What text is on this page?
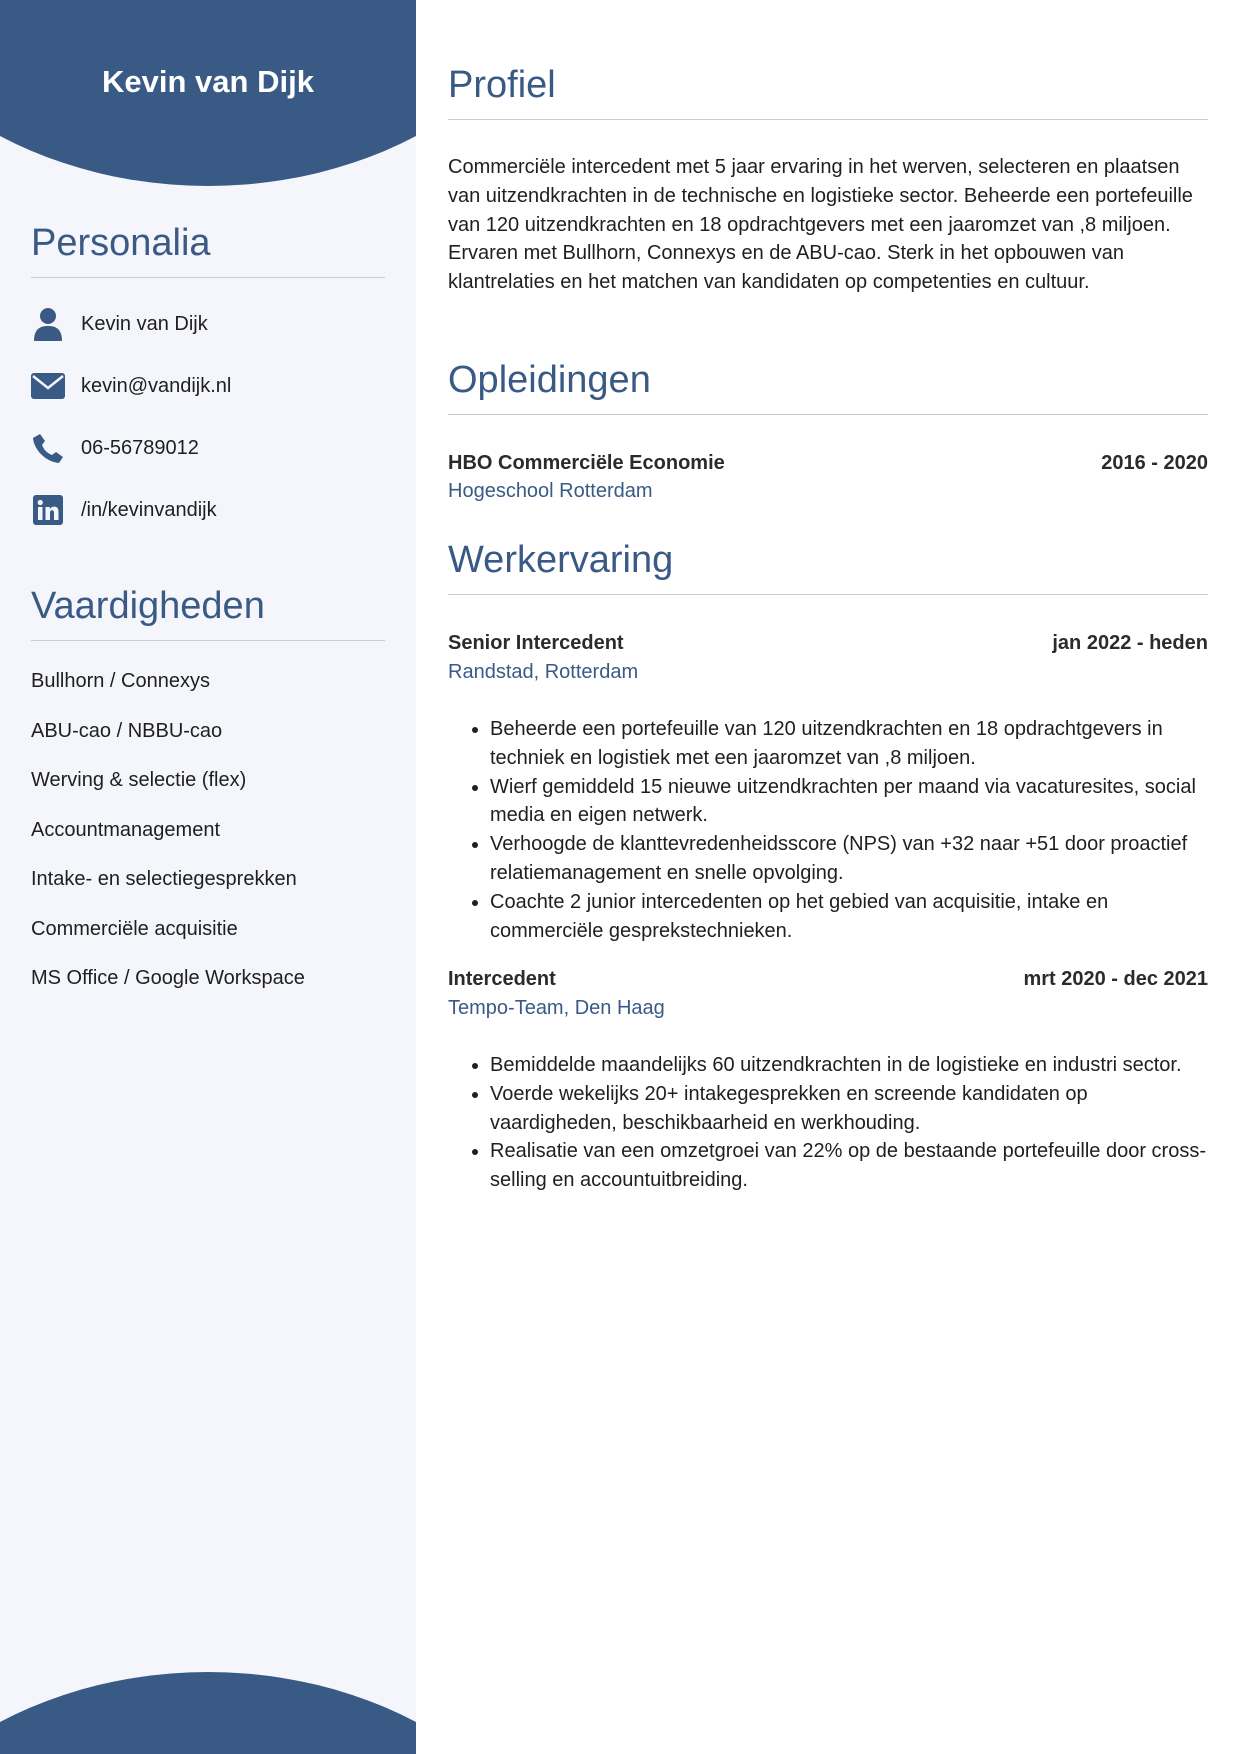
Kevin van Dijk
Personalia
Kevin van Dijk
kevin@vandijk.nl
06-56789012
/in/kevinvandijk
Vaardigheden
Bullhorn / Connexys
ABU-cao / NBBU-cao
Werving & selectie (flex)
Accountmanagement
Intake- en selectiegesprekken
Commerciële acquisitie
MS Office / Google Workspace
Profiel

Commerciële intercedent met 5 jaar ervaring in het werven, selecteren en plaatsen van uitzendkrachten in de technische en logistieke sector. Beheerde een portefeuille van 120 uitzendkrachten en 18 opdrachtgevers met een jaaromzet van ,8 miljoen. Ervaren met Bullhorn, Connexys en de ABU-cao. Sterk in het opbouwen van klantrelaties en het matchen van kandidaten op competenties en cultuur.

Opleidingen
HBO Commerciële Economie	2016 - 2020
Hogeschool Rotterdam
Werkervaring
Senior Intercedent	jan 2022 - heden
Randstad, Rotterdam
• Beheerde een portefeuille van 120 uitzendkrachten en 18 opdrachtgevers in techniek en logistiek met een jaaromzet van ,8 miljoen.
• Wierf gemiddeld 15 nieuwe uitzendkrachten per maand via vacaturesites, social media en eigen netwerk.
• Verhoogde de klanttevredenheidsscore (NPS) van +32 naar +51 door proactief relatiemanagement en snelle opvolging.
• Coachte 2 junior intercedenten op het gebied van acquisitie, intake en commerciële gesprekstechnieken.
Intercedent	mrt 2020 - dec 2021
Tempo-Team, Den Haag
• Bemiddelde maandelijks 60 uitzendkrachten in de logistieke en industri sector.
• Voerde wekelijks 20+ intakegesprekken en screende kandidaten op vaardigheden, beschikbaarheid en werkhouding.
• Realisatie van een omzetgroei van 22% op de bestaande portefeuille door cross-selling en accountuitbreiding.
